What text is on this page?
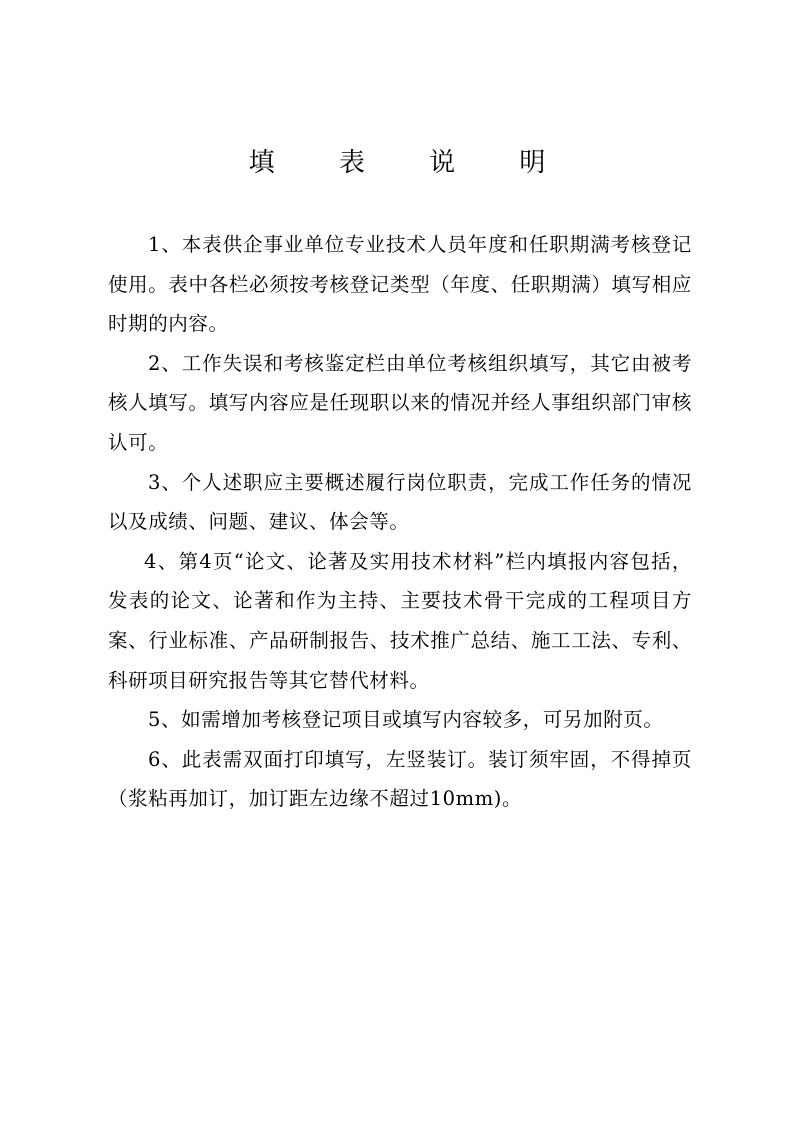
填 表 说 明

1、本表供企事业单位专业技术人员年度和任职期满考核登记使用。表中各栏必须按考核登记类型（年度、任职期满）填写相应时期的内容。

2、工作失误和考核鉴定栏由单位考核组织填写，其它由被考核人填写。填写内容应是任现职以来的情况并经人事组织部门审核认可。

3、个人述职应主要概述履行岗位职责，完成工作任务的情况以及成绩、问题、建议、体会等。

4、第4页“论文、论著及实用技术材料”栏内填报内容包括，发表的论文、论著和作为主持、主要技术骨干完成的工程项目方案、行业标准、产品研制报告、技术推广总结、施工工法、专利、科研项目研究报告等其它替代材料。

5、如需增加考核登记项目或填写内容较多，可另加附页。

6、此表需双面打印填写，左竖装订。装订须牢固，不得掉页（浆粘再加订，加订距左边缘不超过10mm)。
